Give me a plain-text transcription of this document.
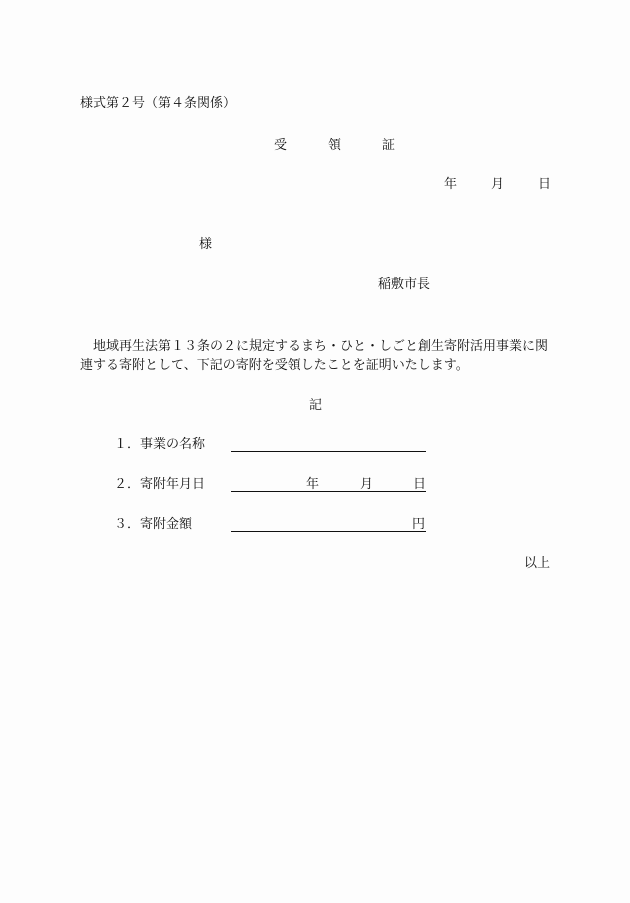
様式第２号（第４条関係）
受　領　証
年	月	日
様
稲敷市長
地域再生法第１３条の２に規定するまち・ひと・しごと創生寄附活用事業に関連する寄附として、下記の寄附を受領したことを証明いたします。
記
１．事業の名称
２．寄附年月日	年	月	日
３．寄附金額	円
以上
